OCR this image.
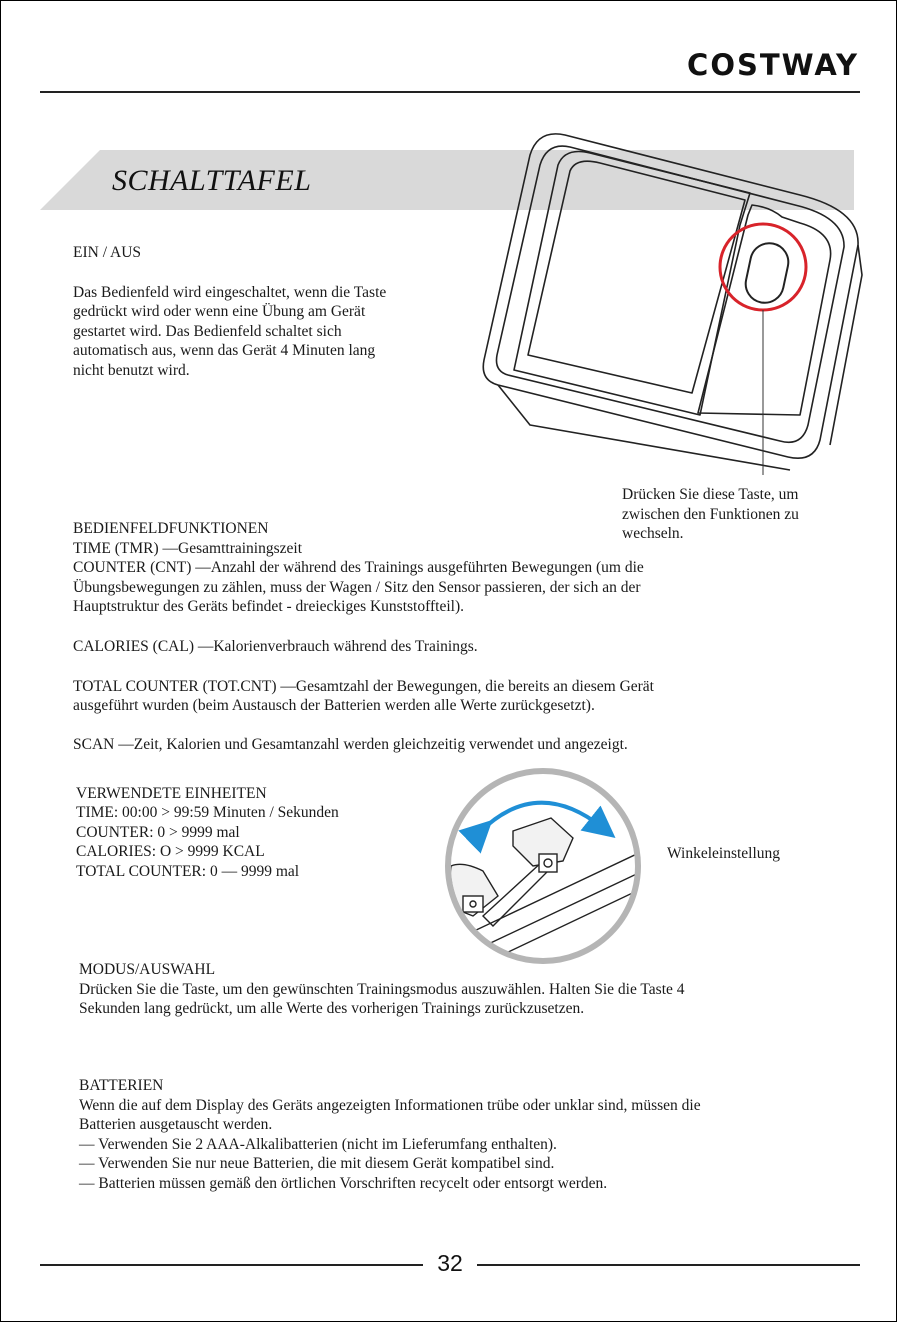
COSTWAY
SCHALTTAFEL
EIN / AUS
Das Bedienfeld wird eingeschaltet, wenn die Taste
gedrückt wird oder wenn eine Übung am Gerät
gestartet wird. Das Bedienfeld schaltet sich
automatisch aus, wenn das Gerät 4 Minuten lang
nicht benutzt wird.
Drücken Sie diese Taste, um
zwischen den Funktionen zu
wechseln.
BEDIENFELDFUNKTIONEN
TIME (TMR) —Gesamttrainingszeit
COUNTER (CNT) —Anzahl der während des Trainings ausgeführten Bewegungen (um die
Übungsbewegungen zu zählen, muss der Wagen / Sitz den Sensor passieren, der sich an der
Hauptstruktur des Geräts befindet - dreieckiges Kunststoffteil).
CALORIES (CAL) —Kalorienverbrauch während des Trainings.
TOTAL COUNTER (TOT.CNT) —Gesamtzahl der Bewegungen, die bereits an diesem Gerät
ausgeführt wurden (beim Austausch der Batterien werden alle Werte zurückgesetzt).
SCAN —Zeit, Kalorien und Gesamtanzahl werden gleichzeitig verwendet und angezeigt.
VERWENDETE EINHEITEN
TIME: 00:00 > 99:59 Minuten / Sekunden
COUNTER: 0 > 9999 mal
CALORIES: O > 9999 KCAL
TOTAL COUNTER: 0 — 9999 mal
Winkeleinstellung
MODUS/AUSWAHL
Drücken Sie die Taste, um den gewünschten Trainingsmodus auszuwählen. Halten Sie die Taste 4
Sekunden lang gedrückt, um alle Werte des vorherigen Trainings zurückzusetzen.
BATTERIEN
Wenn die auf dem Display des Geräts angezeigten Informationen trübe oder unklar sind, müssen die
Batterien ausgetauscht werden.
— Verwenden Sie 2 AAA-Alkalibatterien (nicht im Lieferumfang enthalten).
— Verwenden Sie nur neue Batterien, die mit diesem Gerät kompatibel sind.
— Batterien müssen gemäß den örtlichen Vorschriften recycelt oder entsorgt werden.
32
